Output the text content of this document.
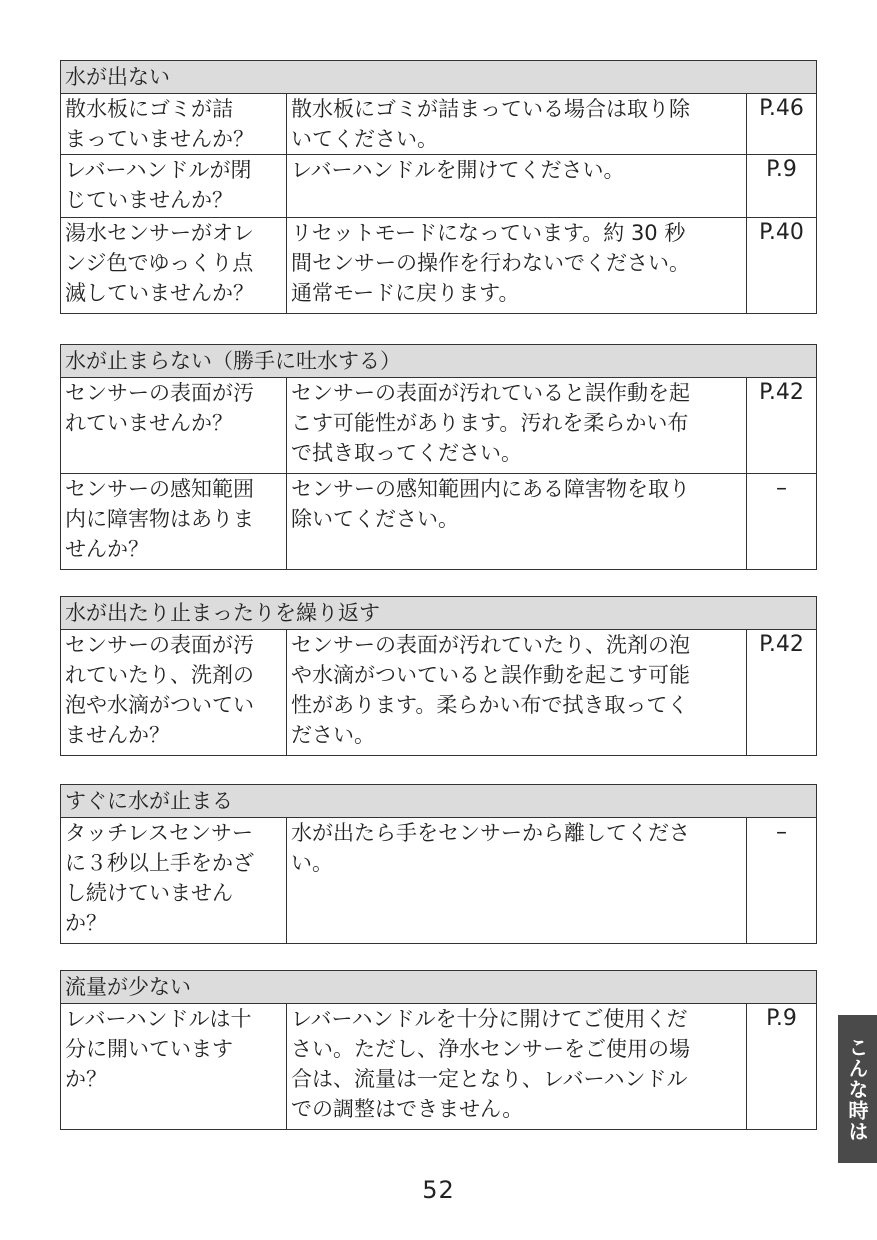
水が出ない		
散水板にゴミが詰
まっていませんか？	散水板にゴミが詰まっている場合は取り除
いてください。	P.46
レバーハンドルが閉
じていませんか？	レバーハンドルを開けてください。	P.9
湯水センサーがオレ
ンジ色でゆっくり点
滅していませんか？	リセットモードになっています。約 30 秒
間センサーの操作を行わないでください。
通常モードに戻ります。	P.40
水が止まらない（勝手に吐水する）		
センサーの表面が汚
れていませんか？	センサーの表面が汚れていると誤作動を起
こす可能性があります。汚れを柔らかい布
で拭き取ってください。	P.42
センサーの感知範囲
内に障害物はありま
せんか？	センサーの感知範囲内にある障害物を取り
除いてください。	–
水が出たり止まったりを繰り返す
センサーの表面が汚
れていたり、洗剤の
泡や水滴がついてい
ませんか？	センサーの表面が汚れていたり、洗剤の泡
や水滴がついていると誤作動を起こす可能
性があります。柔らかい布で拭き取ってく
ださい。	P.42
すぐに水が止まる
タッチレスセンサー
に３秒以上手をかざ
し続けていません
か？	水が出たら手をセンサーから離してくださ
い。	–
流量が少ない
レバーハンドルは十
分に開いています
か？	レバーハンドルを十分に開けてご使用くだ
さい。ただし、浄水センサーをご使用の場
合は、流量は一定となり、レバーハンドル
での調整はできません。	P.9
こんな時は
52
